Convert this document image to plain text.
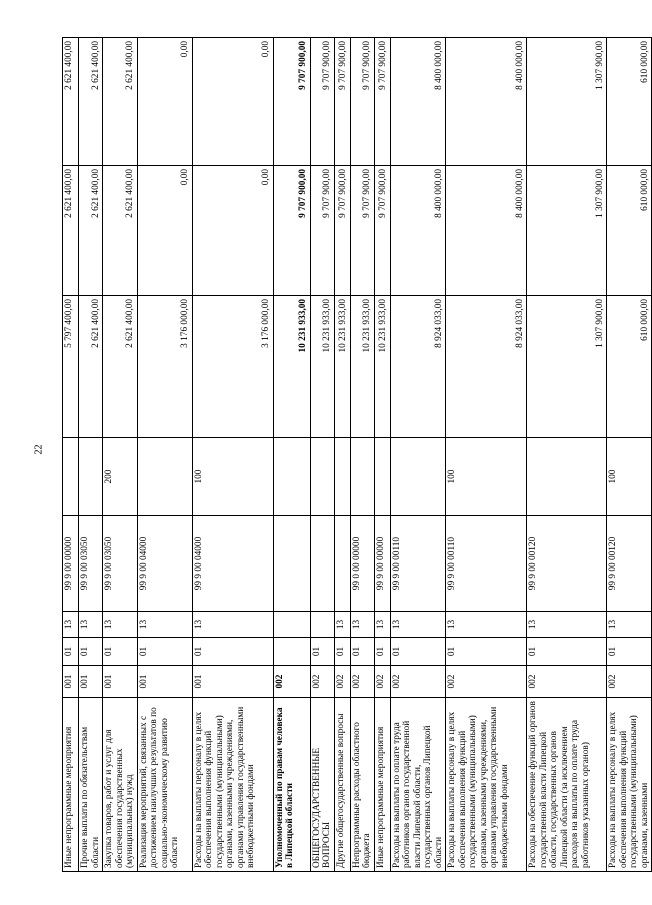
22
Иные непрограммные мероприятия	001	01	13	99 9 00 00000		5 797 400,00	2 621 400,00	2 621 400,00
Прочие выплаты по обязательствам области	001	01	13	99 9 00 03050		2 621 400,00	2 621 400,00	2 621 400,00
Закупка товаров, работ и услуг для обеспечения государственных (муниципальных) нужд	001	01	13	99 9 00 03050	200	2 621 400,00	2 621 400,00	2 621 400,00
Реализация мероприятий, связанных с достижением наилучших результатов по социально-экономическому развитию области	001	01	13	99 9 00 04000		3 176 000,00	0,00	0,00
Расходы на выплаты персоналу в целях обеспечения выполнения функций государственными (муниципальными) органами, казенными учреждениями, органами управления государственными внебюджетными фондами	001	01	13	99 9 00 04000	100	3 176 000,00	0,00	0,00
Уполномоченный по правам человека в Липецкой области	002					10 231 933,00	9 707 900,00	9 707 900,00
ОБЩЕГОСУДАРСТВЕННЫЕ ВОПРОСЫ	002	01				10 231 933,00	9 707 900,00	9 707 900,00
Другие общегосударственные вопросы	002	01	13			10 231 933,00	9 707 900,00	9 707 900,00
Непрограммные расходы областного бюджета	002	01	13	99 0 00 00000		10 231 933,00	9 707 900,00	9 707 900,00
Иные непрограммные мероприятия	002	01	13	99 9 00 00000		10 231 933,00	9 707 900,00	9 707 900,00
Расходы на выплаты по оплате труда работников органов государственной власти Липецкой области, государственных органов Липецкой области	002	01	13	99 9 00 00110		8 924 033,00	8 400 000,00	8 400 000,00
Расходы на выплаты персоналу в целях обеспечения выполнения функций государственными (муниципальными) органами, казенными учреждениями, органами управления государственными внебюджетными фондами	002	01	13	99 9 00 00110	100	8 924 033,00	8 400 000,00	8 400 000,00
Расходы на обеспечение функций органов государственной власти Липецкой области, государственных органов Липецкой области (за исключением расходов на выплаты по оплате труда работников указанных органов)	002	01	13	99 9 00 00120		1 307 900,00	1 307 900,00	1 307 900,00
Расходы на выплаты персоналу в целях обеспечения выполнения функций государственными (муниципальными) органами, казенными	002	01	13	99 9 00 00120	100	610 000,00	610 000,00	610 000,00
